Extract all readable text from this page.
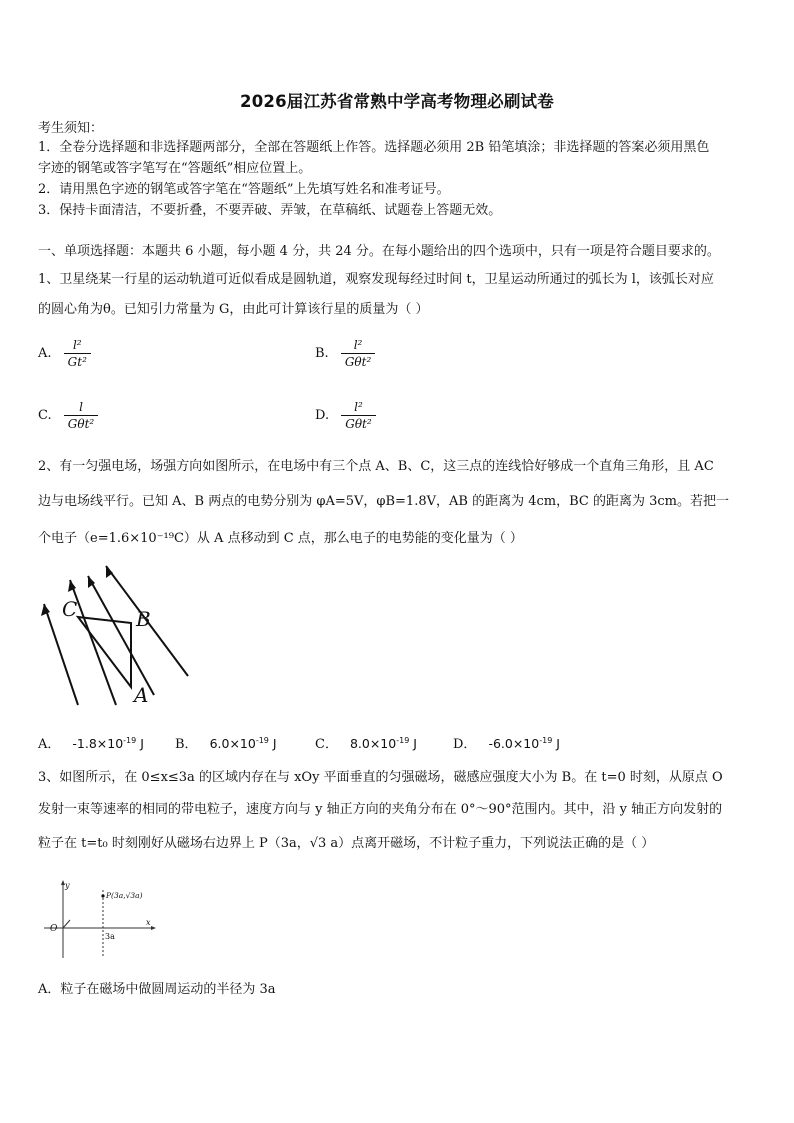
2026届江苏省常熟中学高考物理必刷试卷
考生须知：
1．全卷分选择题和非选择题两部分，全部在答题纸上作答。选择题必须用 2B 铅笔填涂；非选择题的答案必须用黑色
字迹的钢笔或答字笔写在“答题纸”相应位置上。
2．请用黑色字迹的钢笔或答字笔在“答题纸”上先填写姓名和准考证号。
3．保持卡面清洁，不要折叠，不要弄破、弄皱，在草稿纸、试题卷上答题无效。
一、单项选择题：本题共 6 小题，每小题 4 分，共 24 分。在每小题给出的四个选项中，只有一项是符合题目要求的。
1、卫星绕某一行星的运动轨道可近似看成是圆轨道，观察发现每经过时间 t，卫星运动所通过的弧长为 l，该弧长对应
的圆心角为θ。已知引力常量为 G，由此可计算该行星的质量为（ ）
A. $\frac{\text{l²}}{\text{Gt²}}$	B. $\frac{\text{l²}}{\text{Gθt²}}$
C. $\frac{l}{\text{Gθt²}}$	D. $\frac{\text{l²}}{\text{Gθt²}}$
2、有一匀强电场，场强方向如图所示，在电场中有三个点 A、B、C，这三点的连线恰好够成一个直角三角形，且 AC
边与电场线平行。已知 A、B 两点的电势分别为 φA=5V，φB=1.8V，AB 的距离为 4cm，BC 的距离为 3cm。若把一
个电子（e=1.6×10⁻¹⁹C）从 A 点移动到 C 点，那么电子的电势能的变化量为（ ）
C	B
A
A． $-1.8\times 10^{-19}$ J B． $6.0\times 10^{-19}$ J	C． $8.0\times 10^{-19}$ J	D． $-6.0\times 10^{-19}$ J
3、如图所示，在 0≤x≤3a 的区域内存在与 xOy 平面垂直的匀强磁场，磁感应强度大小为 B。在 t=0 时刻，从原点 O
发射一束等速率的相同的带电粒子，速度方向与 y 轴正方向的夹角分布在 0°～90°范围内。其中，沿 y 轴正方向发射的
粒子在 t=t₀ 时刻刚好从磁场右边界上 P（3a，√3 a）点离开磁场，不计粒子重力，下列说法正确的是（ ）
y
x
O
3a
P(3a,√3a)
A．粒子在磁场中做圆周运动的半径为 3a
